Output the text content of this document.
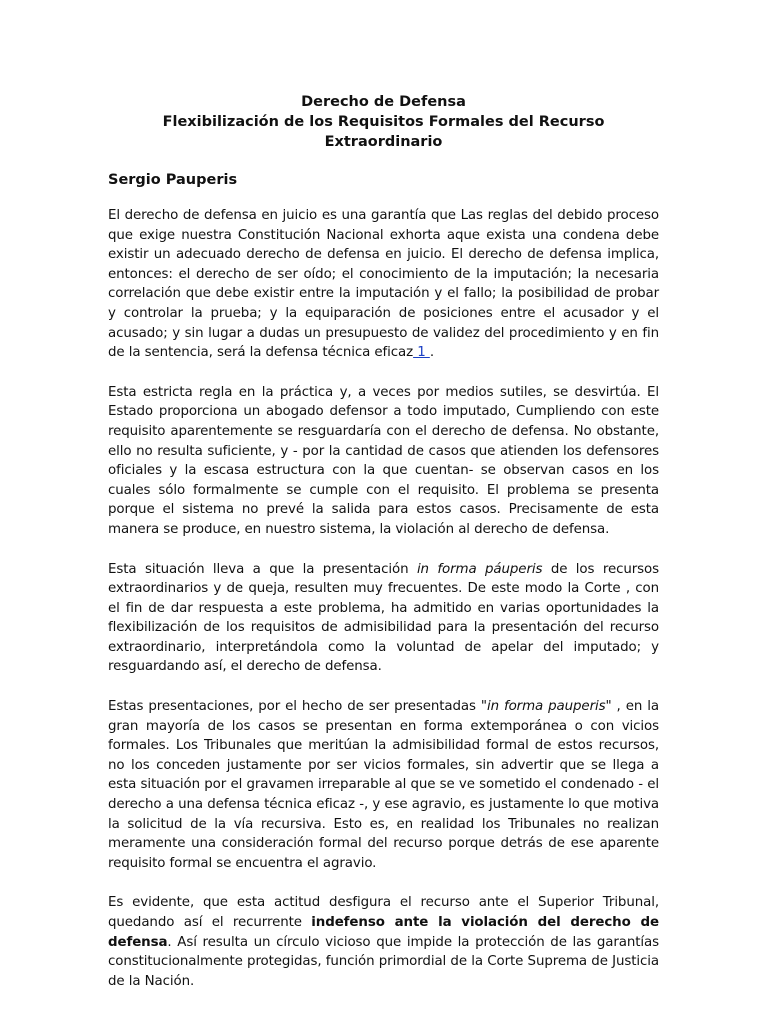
Derecho de Defensa
Flexibilización de los Requisitos Formales del Recurso Extraordinario
Sergio Pauperis

El derecho de defensa en juicio es una garantía que Las reglas del debido proceso que exige nuestra Constitución Nacional exhorta aque exista una condena debe existir un adecuado derecho de defensa en juicio. El derecho de defensa implica, entonces: el derecho de ser oído; el conocimiento de la imputación; la necesaria correlación que debe existir entre la imputación y el fallo; la posibilidad de probar y controlar la prueba; y la equiparación de posiciones entre el acusador y el acusado; y sin lugar a dudas un presupuesto de validez del procedimiento y en fin de la sentencia, será la defensa técnica eficaz 1 .

Esta estricta regla en la práctica y, a veces por medios sutiles, se desvirtúa. El Estado proporciona un abogado defensor a todo imputado, Cumpliendo con este requisito aparentemente se resguardaría con el derecho de defensa. No obstante, ello no resulta suficiente, y - por la cantidad de casos que atienden los defensores oficiales y la escasa estructura con la que cuentan- se observan casos en los cuales sólo formalmente se cumple con el requisito. El problema se presenta porque el sistema no prevé la salida para estos casos. Precisamente de esta manera se produce, en nuestro sistema, la violación al derecho de defensa.

Esta situación lleva a que la presentación in forma páuperis de los recursos extraordinarios y de queja, resulten muy frecuentes. De este modo la Corte , con el fin de dar respuesta a este problema, ha admitido en varias oportunidades la flexibilización de los requisitos de admisibilidad para la presentación del recurso extraordinario, interpretándola como la voluntad de apelar del imputado; y resguardando así, el derecho de defensa.

Estas presentaciones, por el hecho de ser presentadas "in forma pauperis" , en la gran mayoría de los casos se presentan en forma extemporánea o con vicios formales. Los Tribunales que meritúan la admisibilidad formal de estos recursos, no los conceden justamente por ser vicios formales, sin advertir que se llega a esta situación por el gravamen irreparable al que se ve sometido el condenado - el derecho a una defensa técnica eficaz -, y ese agravio, es justamente lo que motiva la solicitud de la vía recursiva. Esto es, en realidad los Tribunales no realizan meramente una consideración formal del recurso porque detrás de ese aparente requisito formal se encuentra el agravio.

Es evidente, que esta actitud desfigura el recurso ante el Superior Tribunal, quedando así el recurrente indefenso ante la violación del derecho de defensa. Así resulta un círculo vicioso que impide la protección de las garantías constitucionalmente protegidas, función primordial de la Corte Suprema de Justicia de la Nación.
